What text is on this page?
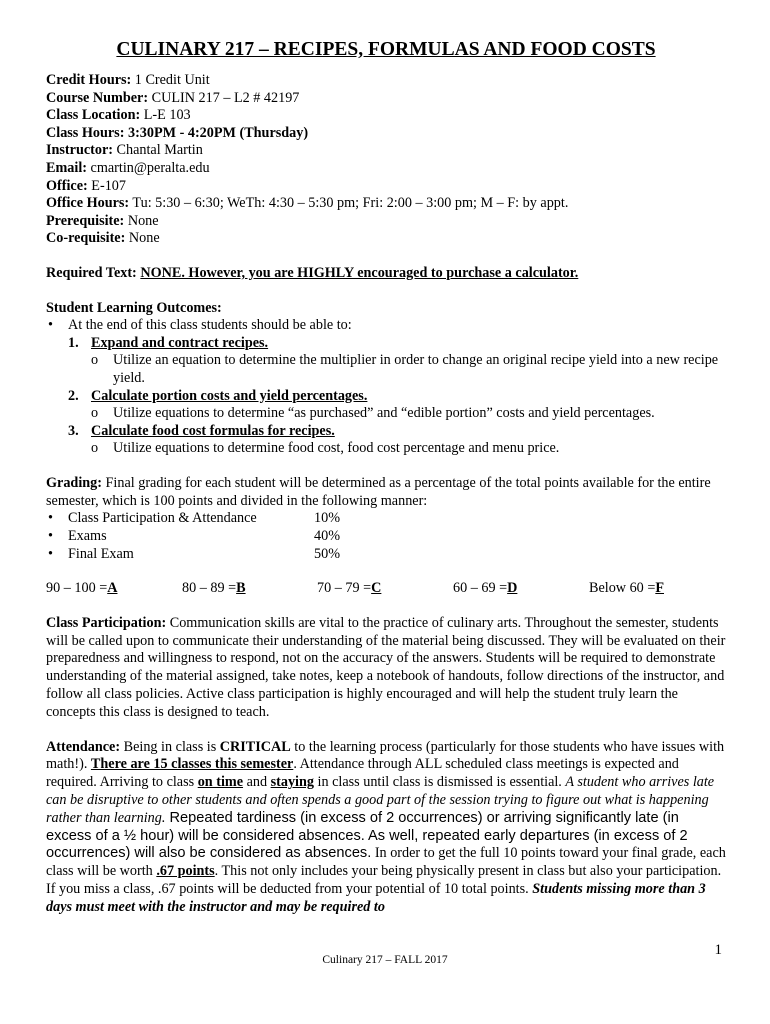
CULINARY 217 – RECIPES, FORMULAS AND FOOD COSTS
Credit Hours: 1 Credit Unit
Course Number: CULIN 217 – L2 # 42197
Class Location: L-E 103
Class Hours: 3:30PM - 4:20PM (Thursday)
Instructor: Chantal Martin
Email: cmartin@peralta.edu
Office: E-107
Office Hours: Tu: 5:30 – 6:30; WeTh: 4:30 – 5:30 pm; Fri: 2:00 – 3:00 pm; M – F: by appt.
Prerequisite: None
Co-requisite: None
Required Text: NONE. However, you are HIGHLY encouraged to purchase a calculator.
Student Learning Outcomes:
• At the end of this class students should be able to:
1. Expand and contract recipes.
o Utilize an equation to determine the multiplier in order to change an original recipe yield into a new recipe yield.
2. Calculate portion costs and yield percentages.
o Utilize equations to determine “as purchased” and “edible portion” costs and yield percentages.
3. Calculate food cost formulas for recipes.
o Utilize equations to determine food cost, food cost percentage and menu price.

Grading: Final grading for each student will be determined as a percentage of the total points available for the entire semester, which is 100 points and divided in the following manner:

• Class Participation & Attendance	10%
• Exams	40%
• Final Exam	50%
90 – 100 =A	80 – 89 =B	70 – 79 =C	60 – 69 =D	Below 60 =F

Class Participation: Communication skills are vital to the practice of culinary arts. Throughout the semester, students will be called upon to communicate their understanding of the material being discussed. They will be evaluated on their preparedness and willingness to respond, not on the accuracy of the answers. Students will be required to demonstrate understanding of the material assigned, take notes, keep a notebook of handouts, follow directions of the instructor, and follow all class policies. Active class participation is highly encouraged and will help the student truly learn the concepts this class is designed to teach.

Attendance: Being in class is CRITICAL to the learning process (particularly for those students who have issues with math!). There are 15 classes this semester. Attendance through ALL scheduled class meetings is expected and required. Arriving to class on time and staying in class until class is dismissed is essential. A student who arrives late can be disruptive to other students and often spends a good part of the session trying to figure out what is happening rather than learning. Repeated tardiness (in excess of 2 occurrences) or arriving significantly late (in excess of a ½ hour) will be considered absences. As well, repeated early departures (in excess of 2 occurrences) will also be considered as absences. In order to get the full 10 points toward your final grade, each class will be worth .67 points. This not only includes your being physically present in class but also your participation. If you miss a class, .67 points will be deducted from your potential of 10 total points. Students missing more than 3 days must meet with the instructor and may be required to

1
Culinary 217 – FALL 2017
